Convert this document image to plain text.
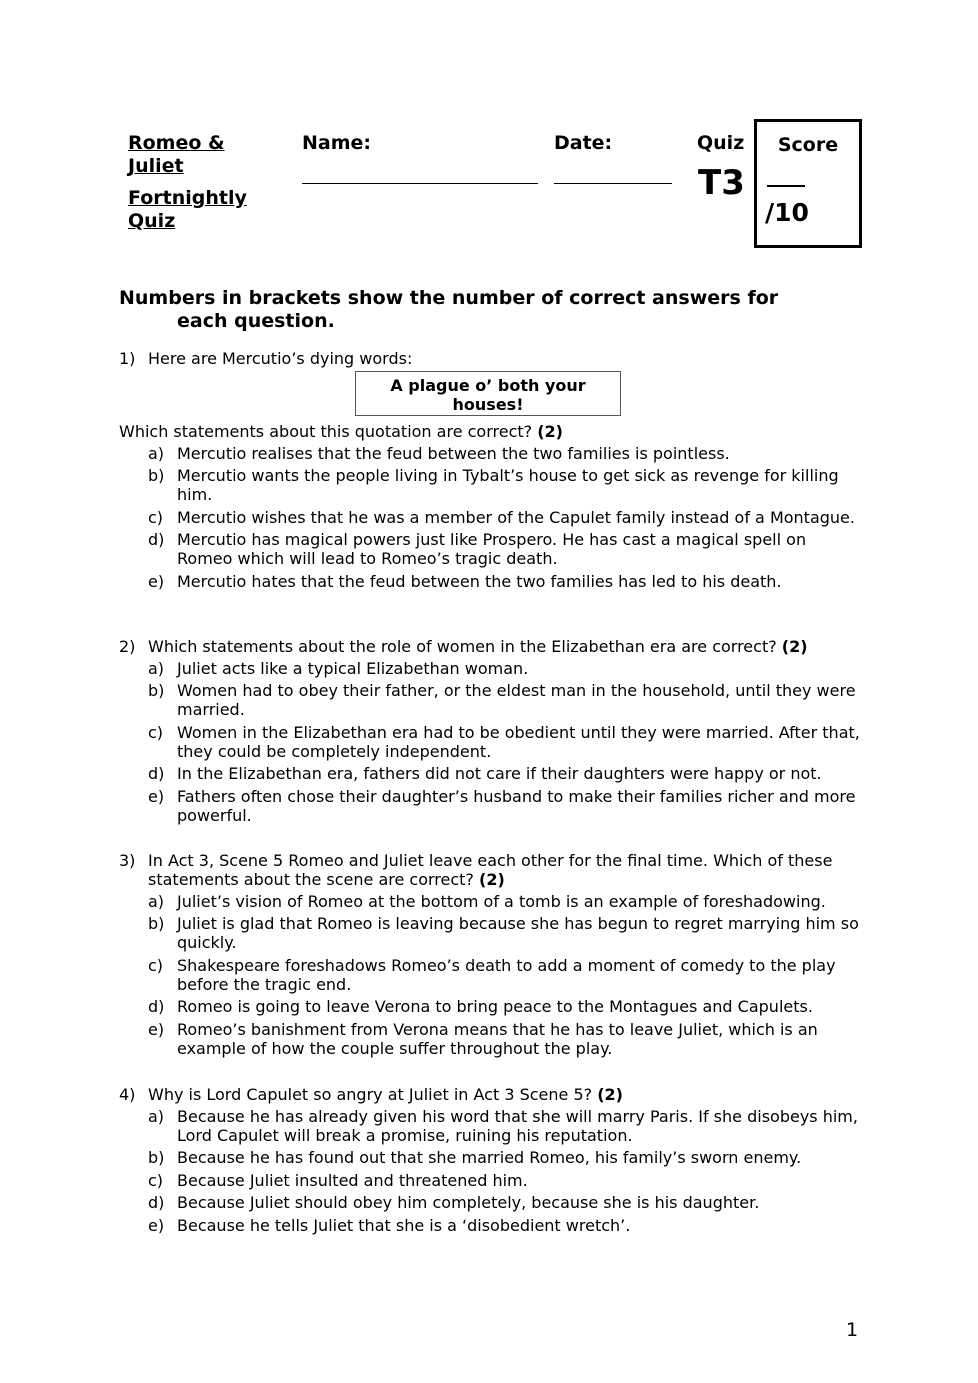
Romeo &
Juliet
Fortnightly
Quiz
Name:	Date:	Quiz
T3
Score
/10
Numbers in brackets show the number of correct answers for
each question.
1) Here are Mercutio’s dying words:
A plague o’ both your
houses!
Which statements about this quotation are correct? (2)
a) Mercutio realises that the feud between the two families is pointless.
b) Mercutio wants the people living in Tybalt’s house to get sick as revenge for killing him.
c) Mercutio wishes that he was a member of the Capulet family instead of a Montague.
d) Mercutio has magical powers just like Prospero. He has cast a magical spell on Romeo which will lead to Romeo’s tragic death.
e) Mercutio hates that the feud between the two families has led to his death.
2) Which statements about the role of women in the Elizabethan era are correct? (2)
a) Juliet acts like a typical Elizabethan woman.
b) Women had to obey their father, or the eldest man in the household, until they were married.
c) Women in the Elizabethan era had to be obedient until they were married. After that, they could be completely independent.
d) In the Elizabethan era, fathers did not care if their daughters were happy or not.
e) Fathers often chose their daughter’s husband to make their families richer and more powerful.
3) In Act 3, Scene 5 Romeo and Juliet leave each other for the final time. Which of these statements about the scene are correct? (2)
a) Juliet’s vision of Romeo at the bottom of a tomb is an example of foreshadowing.
b) Juliet is glad that Romeo is leaving because she has begun to regret marrying him so quickly.
c) Shakespeare foreshadows Romeo’s death to add a moment of comedy to the play before the tragic end.
d) Romeo is going to leave Verona to bring peace to the Montagues and Capulets.
e) Romeo’s banishment from Verona means that he has to leave Juliet, which is an example of how the couple suffer throughout the play.
4) Why is Lord Capulet so angry at Juliet in Act 3 Scene 5? (2)
a) Because he has already given his word that she will marry Paris. If she disobeys him, Lord Capulet will break a promise, ruining his reputation.
b) Because he has found out that she married Romeo, his family’s sworn enemy.
c) Because Juliet insulted and threatened him.
d) Because Juliet should obey him completely, because she is his daughter.
e) Because he tells Juliet that she is a ‘disobedient wretch’.
1
